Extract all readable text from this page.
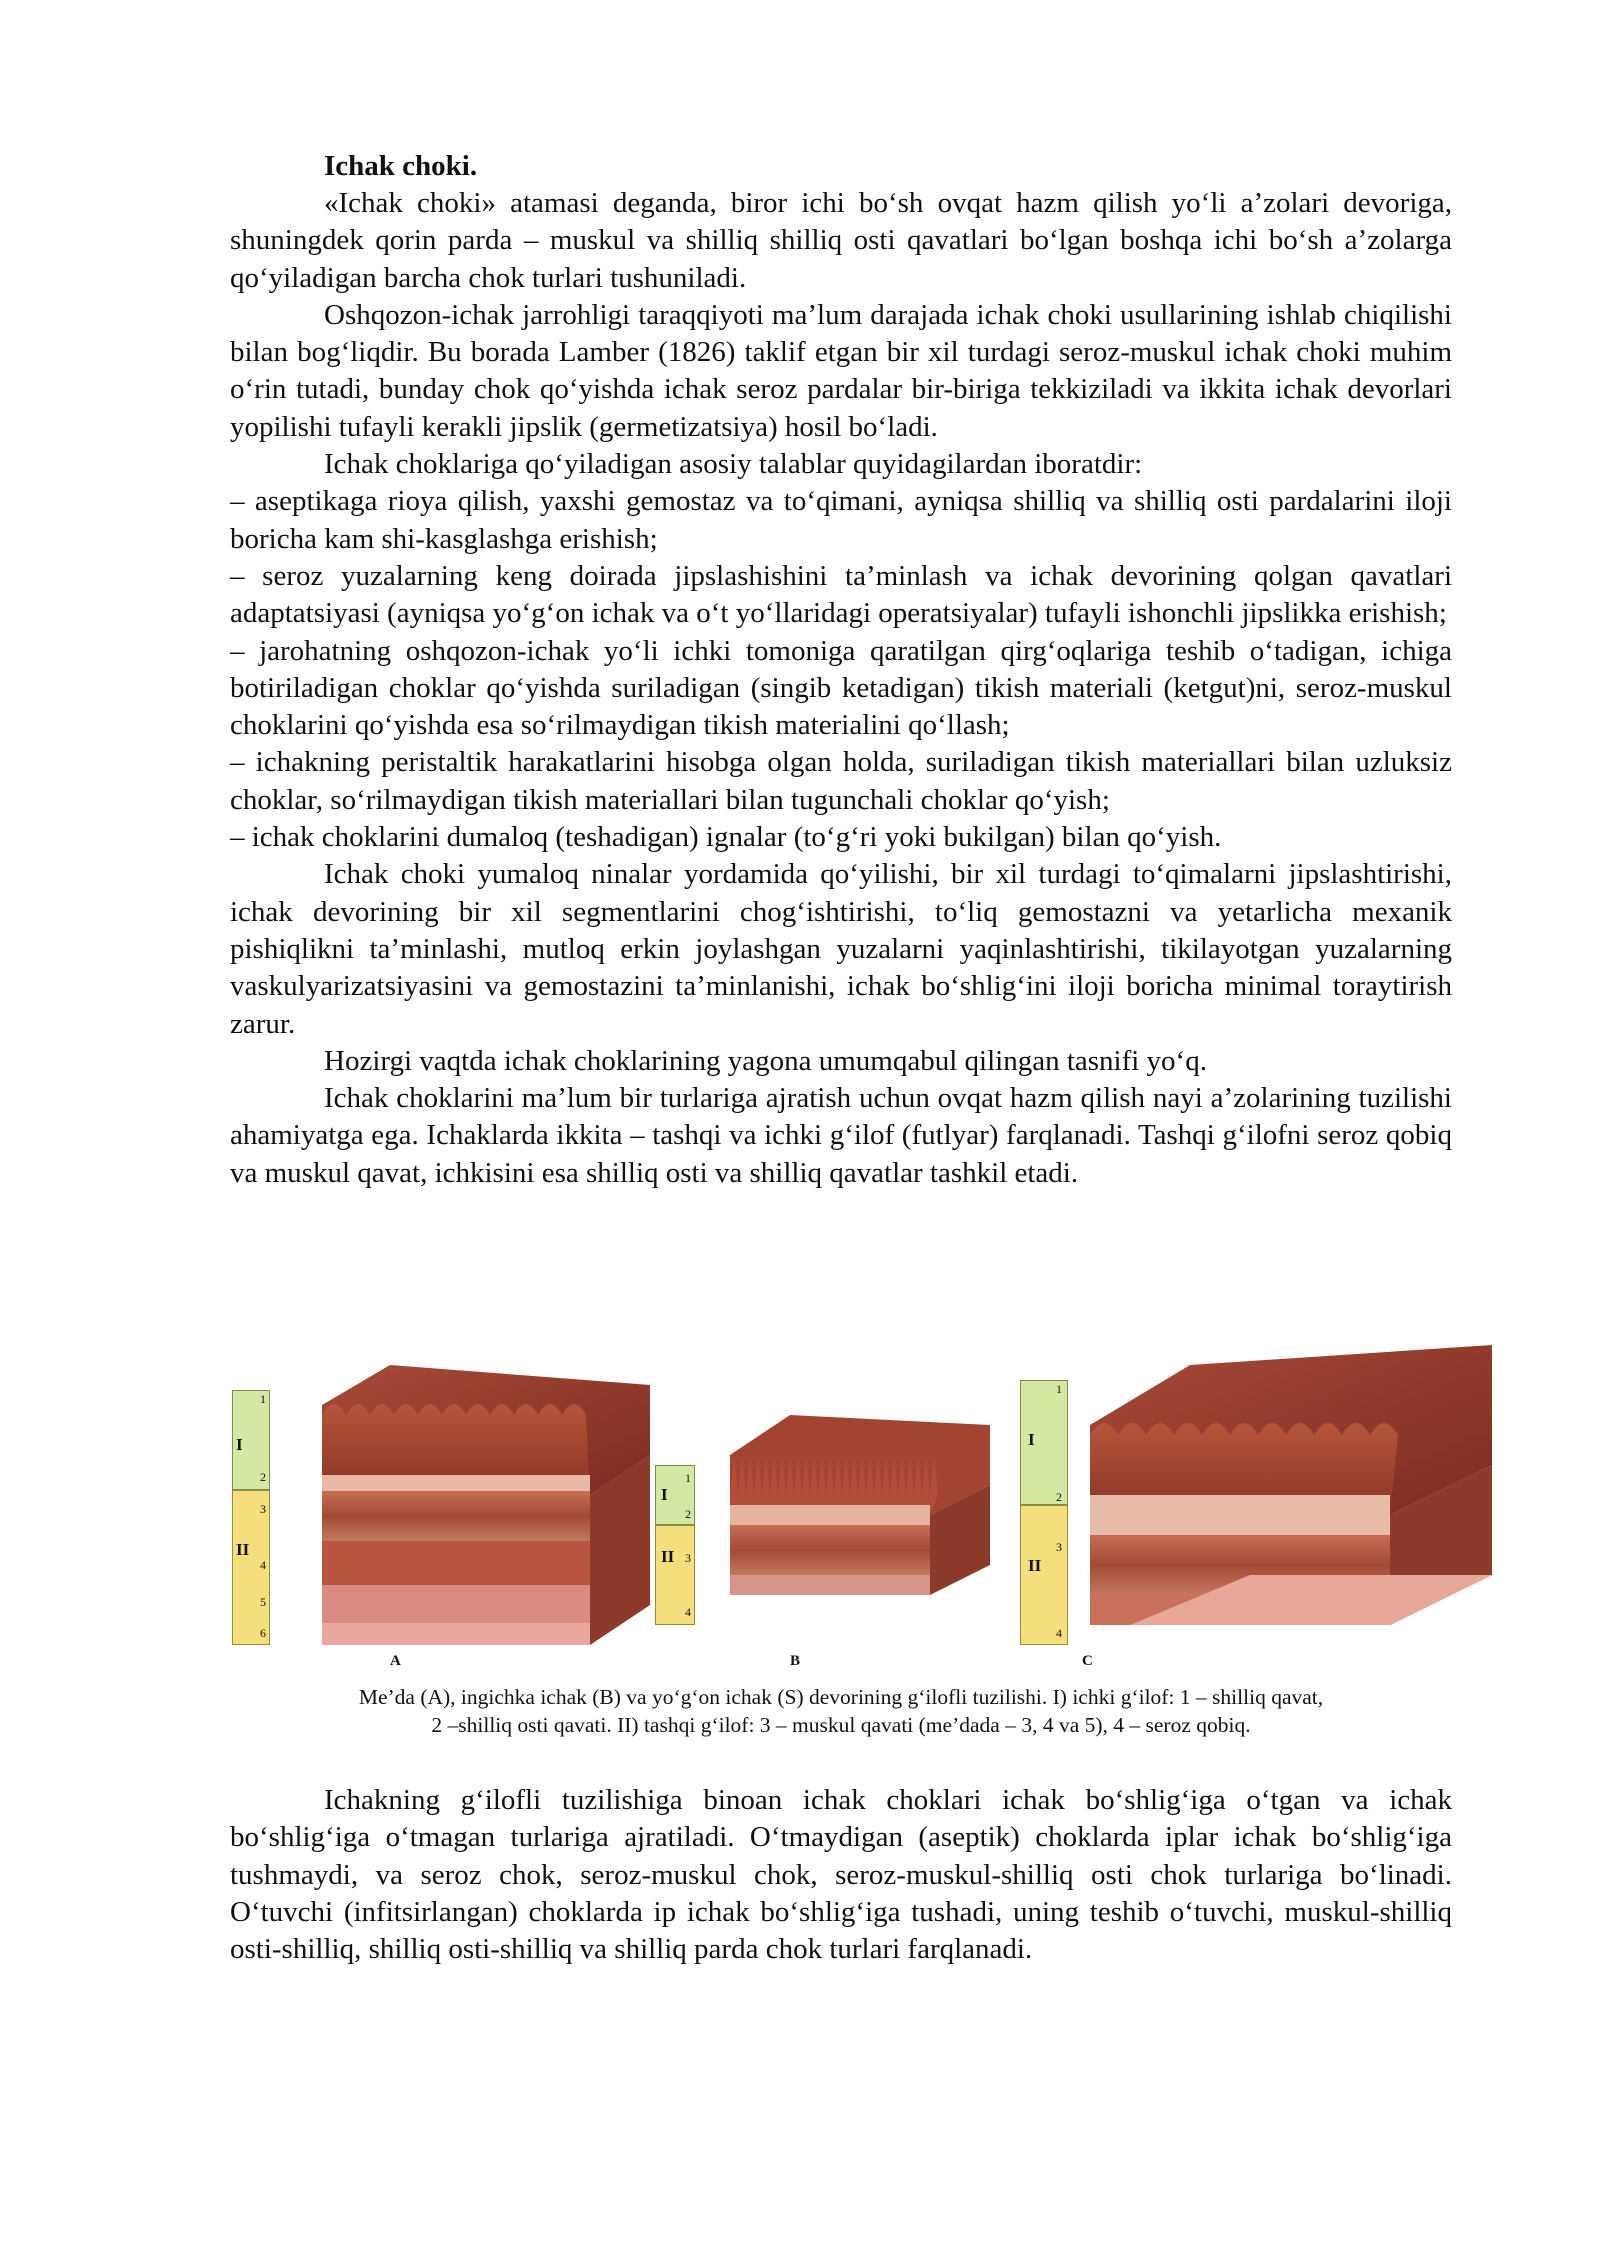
Ichak choki.

«Ichak choki» atamasi deganda, biror ichi bo‘sh ovqat hazm qilish yo‘li a’zolari devoriga, shuningdek qorin parda – muskul va shilliq shilliq osti qavatlari bo‘lgan boshqa ichi bo‘sh a’zolarga qo‘yiladigan barcha chok turlari tushuniladi.

Oshqozon-ichak jarrohligi taraqqiyoti ma’lum darajada ichak choki usullarining ishlab chiqilishi bilan bog‘liqdir. Bu borada Lamber (1826) taklif etgan bir xil turdagi seroz-muskul ichak choki muhim o‘rin tutadi, bunday chok qo‘yishda ichak seroz pardalar bir-biriga tekkiziladi va ikkita ichak devorlari yopilishi tufayli kerakli jipslik (germetizatsiya) hosil bo‘ladi.

Ichak choklariga qo‘yiladigan asosiy talablar quyidagilardan iboratdir:

– aseptikaga rioya qilish, yaxshi gemostaz va to‘qimani, ayniqsa shilliq va shilliq osti pardalarini iloji boricha kam shi-kasglashga erishish;

– seroz yuzalarning keng doirada jipslashishini ta’minlash va ichak devorining qolgan qavatlari adaptatsiyasi (ayniqsa yo‘g‘on ichak va o‘t yo‘llaridagi operatsiyalar) tufayli ishonchli jipslikka erishish;

– jarohatning oshqozon-ichak yo‘li ichki tomoniga qaratilgan qirg‘oqlariga teshib o‘tadigan, ichiga botiriladigan choklar qo‘yishda suriladigan (singib ketadigan) tikish materiali (ketgut)ni, seroz-muskul choklarini qo‘yishda esa so‘rilmaydigan tikish materialini qo‘llash;

– ichakning peristaltik harakatlarini hisobga olgan holda, suriladigan tikish materiallari bilan uzluksiz choklar, so‘rilmaydigan tikish materiallari bilan tugunchali choklar qo‘yish;

– ichak choklarini dumaloq (teshadigan) ignalar (to‘g‘ri yoki bukilgan) bilan qo‘yish.

Ichak choki yumaloq ninalar yordamida qo‘yilishi, bir xil turdagi to‘qimalarni jipslashtirishi, ichak devorining bir xil segmentlarini chog‘ishtirishi, to‘liq gemostazni va yetarlicha mexanik pishiqlikni ta’minlashi, mutloq erkin joylashgan yuzalarni yaqinlashtirishi, tikilayotgan yuzalarning vaskulyarizatsiyasini va gemostazini ta’minlanishi, ichak bo‘shlig‘ini iloji boricha minimal toraytirish zarur.

Hozirgi vaqtda ichak choklarining yagona umumqabul qilingan tasnifi yo‘q.

Ichak choklarini ma’lum bir turlariga ajratish uchun ovqat hazm qilish nayi a’zolarining tuzilishi ahamiyatga ega. Ichaklarda ikkita – tashqi va ichki g‘ilof (futlyar) farqlanadi. Tashqi g‘ilofni seroz qobiq va muskul qavat, ichkisini esa shilliq osti va shilliq qavatlar tashkil etadi.

I
II
1
2
3
4
5
6
A
I
II
1
2
3
4
B
I
II
1
2
3
4
C
Me’da (A), ingichka ichak (B) va yo‘g‘on ichak (S) devorining g‘ilofli tuzilishi. I) ichki g‘ilof: 1 – shilliq qavat,
2 –shilliq osti qavati. II) tashqi g‘ilof: 3 – muskul qavati (me’dada – 3, 4 va 5), 4 – seroz qobiq.

Ichakning g‘ilofli tuzilishiga binoan ichak choklari ichak bo‘shlig‘iga o‘tgan va ichak bo‘shlig‘iga o‘tmagan turlariga ajratiladi. O‘tmaydigan (aseptik) choklarda iplar ichak bo‘shlig‘iga tushmaydi, va seroz chok, seroz-muskul chok, seroz-muskul-shilliq osti chok turlariga bo‘linadi. O‘tuvchi (infitsirlangan) choklarda ip ichak bo‘shlig‘iga tushadi, uning teshib o‘tuvchi, muskul-shilliq osti-shilliq, shilliq osti-shilliq va shilliq parda chok turlari farqlanadi.
